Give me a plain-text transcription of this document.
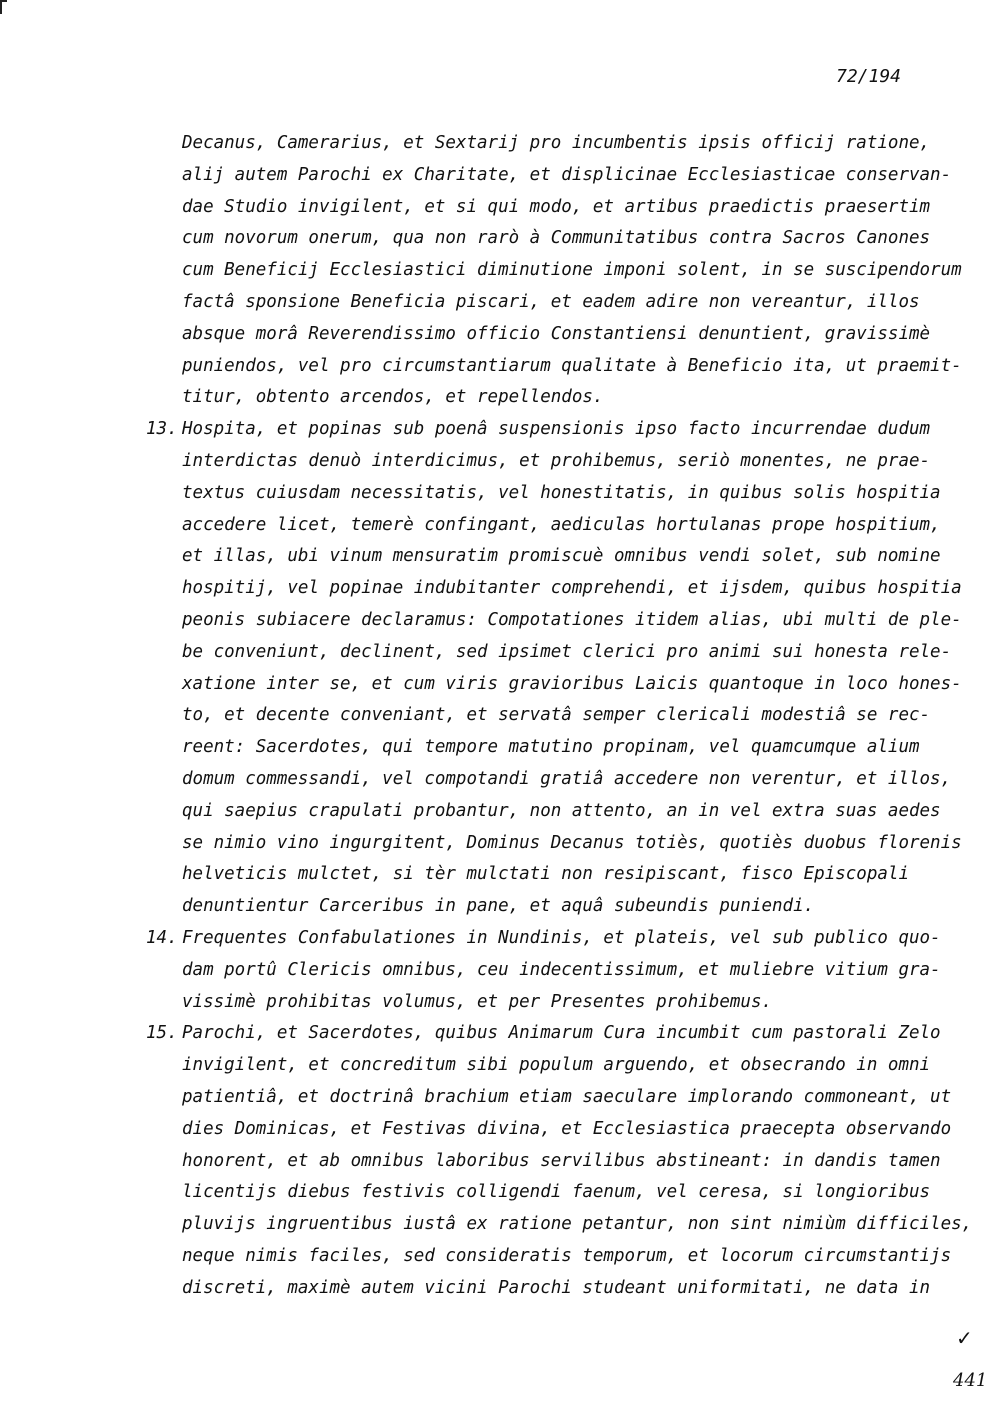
72/194
Decanus, Camerarius, et Sextarij pro incumbentis ipsis officij ratione,
alij autem Parochi ex Charitate, et displicinae Ecclesiasticae conservan-
dae Studio invigilent, et si qui modo, et artibus praedictis praesertim
cum novorum onerum, qua non rarò à Communitatibus contra Sacros Canones
cum Beneficij Ecclesiastici diminutione imponi solent, in se suscipendorum
factâ sponsione Beneficia piscari, et eadem adire non vereantur, illos
absque morâ Reverendissimo officio Constantiensi denuntient, gravissimè
puniendos, vel pro circumstantiarum qualitate à Beneficio ita, ut praemit-
titur, obtento arcendos, et repellendos.
13. Hospita, et popinas sub poenâ suspensionis ipso facto incurrendae dudum
interdictas denuò interdicimus, et prohibemus, seriò monentes, ne prae-
textus cuiusdam necessitatis, vel honestitatis, in quibus solis hospitia
accedere licet, temerè confingant, aediculas hortulanas prope hospitium,
et illas, ubi vinum mensuratim promiscuè omnibus vendi solet, sub nomine
hospitij, vel popinae indubitanter comprehendi, et ijsdem, quibus hospitia
peonis subiacere declaramus: Compotationes itidem alias, ubi multi de ple-
be conveniunt, declinent, sed ipsimet clerici pro animi sui honesta rele-
xatione inter se, et cum viris gravioribus Laicis quantoque in loco hones-
to, et decente conveniant, et servatâ semper clericali modestiâ se rec-
reent: Sacerdotes, qui tempore matutino propinam, vel quamcumque alium
domum commessandi, vel compotandi gratiâ accedere non verentur, et illos,
qui saepius crapulati probantur, non attento, an in vel extra suas aedes
se nimio vino ingurgitent, Dominus Decanus totiès, quotiès duobus florenis
helveticis mulctet, si tèr mulctati non resipiscant, fisco Episcopali
denuntientur Carceribus in pane, et aquâ subeundis puniendi.
14. Frequentes Confabulationes in Nundinis, et plateis, vel sub publico quo-
dam portû Clericis omnibus, ceu indecentissimum, et muliebre vitium gra-
vissimè prohibitas volumus, et per Presentes prohibemus.
15. Parochi, et Sacerdotes, quibus Animarum Cura incumbit cum pastorali Zelo
invigilent, et concreditum sibi populum arguendo, et obsecrando in omni
patientiâ, et doctrinâ brachium etiam saeculare implorando commoneant, ut
dies Dominicas, et Festivas divina, et Ecclesiastica praecepta observando
honorent, et ab omnibus laboribus servilibus abstineant: in dandis tamen
licentijs diebus festivis colligendi faenum, vel ceresa, si longioribus
pluvijs ingruentibus iustâ ex ratione petantur, non sint nimiùm difficiles,
neque nimis faciles, sed consideratis temporum, et locorum circumstantijs
discreti, maximè autem vicini Parochi studeant uniformitati, ne data in
✓
441
